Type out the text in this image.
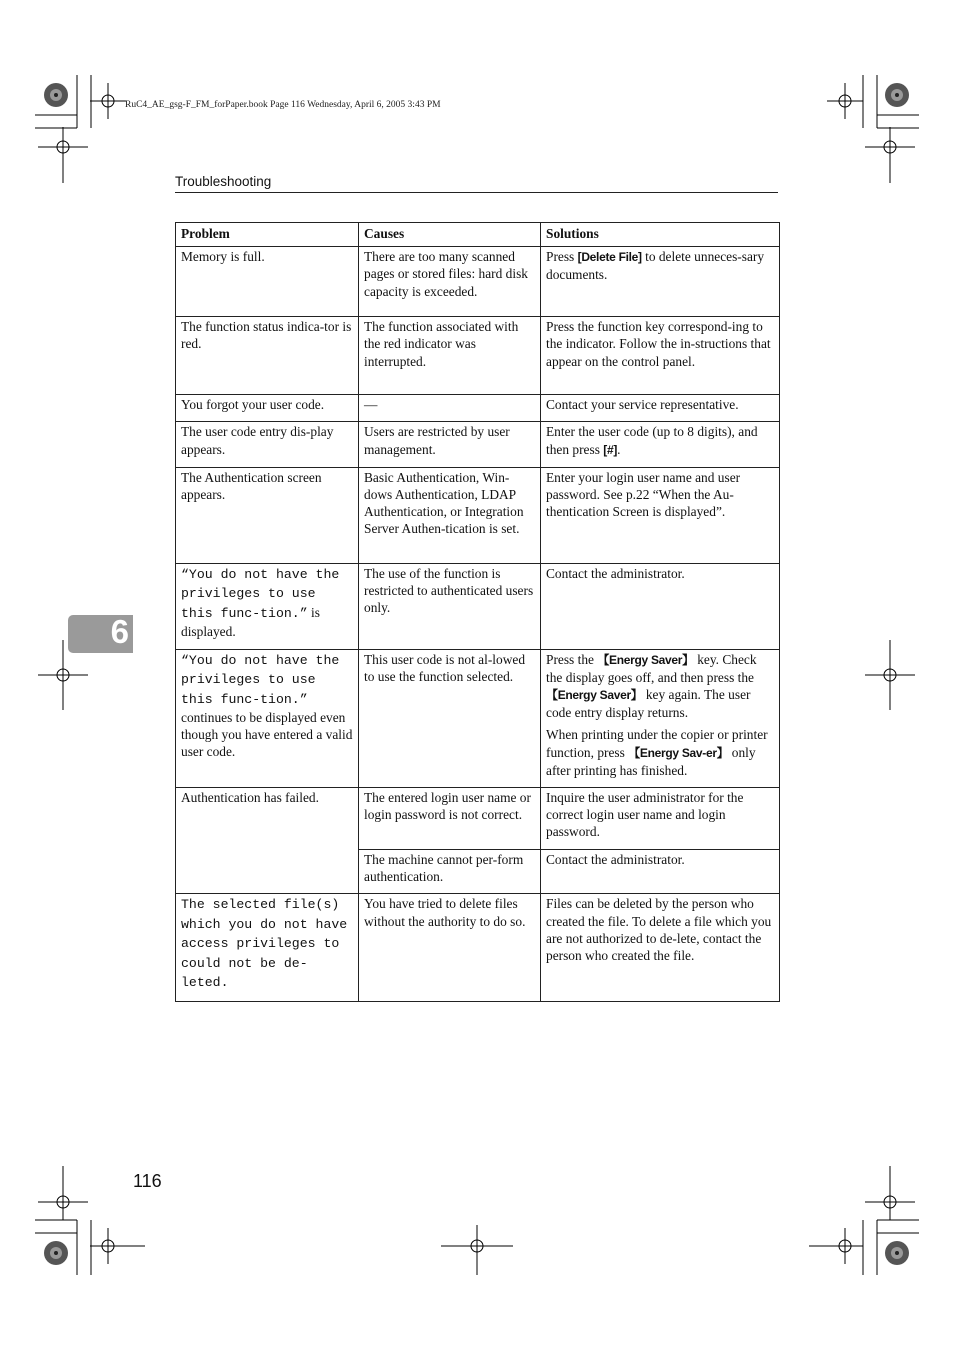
RuC4_AE_gsg-F_FM_forPaper.book Page 116 Wednesday, April 6, 2005 3:43 PM
Troubleshooting
6
Problem	Causes	Solutions
Memory is full.	There are too many scanned pages or stored files: hard disk capacity is exceeded.	Press [Delete File] to delete unneces-sary documents.
The function status indica-tor is red.	The function associated with the red indicator was interrupted.	Press the function key correspond-ing to the indicator. Follow the in-structions that appear on the control panel.
You forgot your user code.	—	Contact your service representative.
The user code entry dis-play appears.	Users are restricted by user management.	Enter the user code (up to 8 digits), and then press [#].
The Authentication screen appears.	Basic Authentication, Win-dows Authentication, LDAP Authentication, or Integration Server Authen-tication is set.	Enter your login user name and user password. See p.22 “When the Au-thentication Screen is displayed”.
“You do not have the privileges to use this func-tion.” is displayed.	The use of the function is restricted to authenticated users only.	Contact the administrator.
“You do not have the privileges to use this func-tion.” continues to be displayed even though you have entered a valid user code.	This user code is not al-lowed to use the function selected.	Press the 【Energy Saver】 key. Check the display goes off, and then press the 【Energy Saver】 key again. The user code entry display returns.
When printing under the copier or printer function, press 【Energy Sav-er】 only after printing has finished.

Authentication has failed.	The entered login user name or login password is not correct.	Inquire the user administrator for the correct login user name and login password.
	The machine cannot per-form authentication.	Contact the administrator.
The selected file(s) which you do not have access privileges to could not be de-leted.	You have tried to delete files without the authority to do so.	Files can be deleted by the person who created the file. To delete a file which you are not authorized to de-lete, contact the person who created the file.
116
